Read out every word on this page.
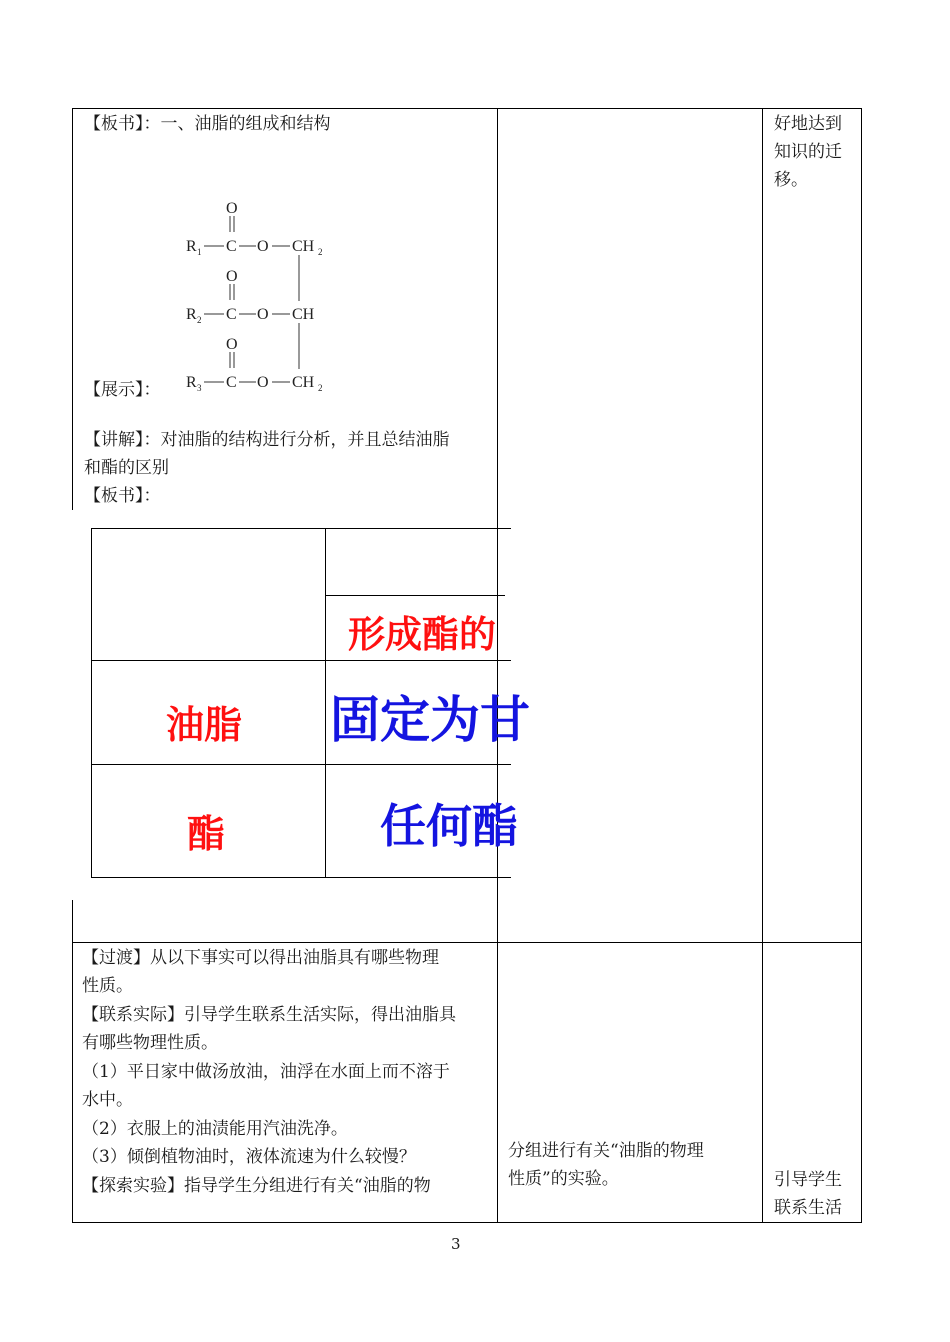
【板书】：一、油脂的组成和结构
O
R 1 C O CH 2
O
R 2 C O CH
O
R 3 C O CH 2
【展示】：
【讲解】：对油脂的结构进行分析，并且总结油脂
和酯的区别
【板书】：
形成酯的
油脂 固定为甘
酯	任何酯
好地达到
知识的迁
移。
【过渡】从以下事实可以得出油脂具有哪些物理
性质。
【联系实际】引导学生联系生活实际，得出油脂具
有哪些物理性质。
（1）平日家中做汤放油，油浮在水面上而不溶于
水中。
（2）衣服上的油渍能用汽油洗净。
（3）倾倒植物油时，液体流速为什么较慢？
【探索实验】指导学生分组进行有关“油脂的物
分组进行有关“油脂的物理
性质”的实验。	引导学生
联系生活
3
